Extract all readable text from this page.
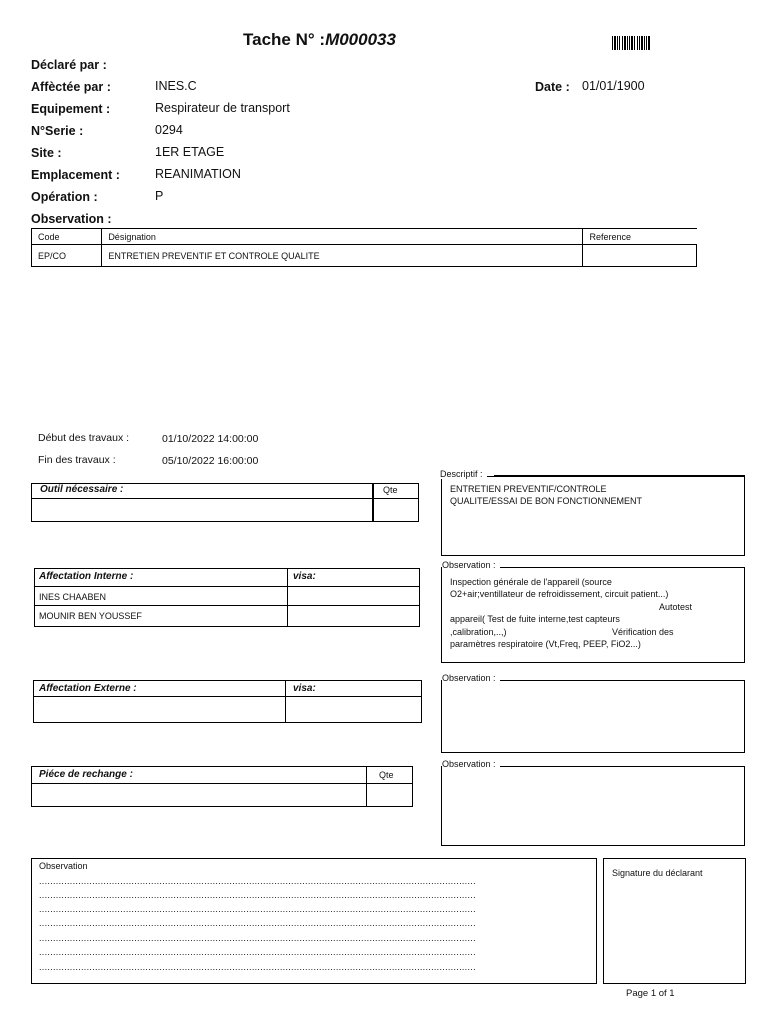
Tache N° :M000033
Déclaré par :
Affèctée par :	INES.C
Equipement :	Respirateur de transport
N°Serie :	0294
Site :	1ER ETAGE
Emplacement :	REANIMATION
Opération :	P
Observation :
Date : 01/01/1900
Code	Désignation	Reference
EP/CO	ENTRETIEN PREVENTIF ET CONTROLE QUALITE	
Début des travaux :	01/10/2022 14:00:00
Fin des travaux :	05/10/2022 16:00:00
Outil nécessaire :	Qte
Affectation Interne :	visa:
INES CHAABEN
MOUNIR BEN YOUSSEF
Affectation Externe :	visa:
Piéce de rechange :	Qte
Descriptif :
ENTRETIEN PREVENTIF/CONTROLE
QUALITE/ESSAI DE BON FONCTIONNEMENT
Observation :
Inspection générale de l'appareil (source
O2+air;ventillateur de refroidissement, circuit patient...)
Autotest
appareil( Test de fuite interne,test capteurs
,calibration,..,)	Vérification des
paramètres respiratoire (Vt,Freq, PEEP, FiO2...)
Observation :
Observation :
Observation
............................................................................................................................................................
............................................................................................................................................................
............................................................................................................................................................
............................................................................................................................................................
............................................................................................................................................................
............................................................................................................................................................
............................................................................................................................................................
Signature du déclarant
Page 1 of 1
